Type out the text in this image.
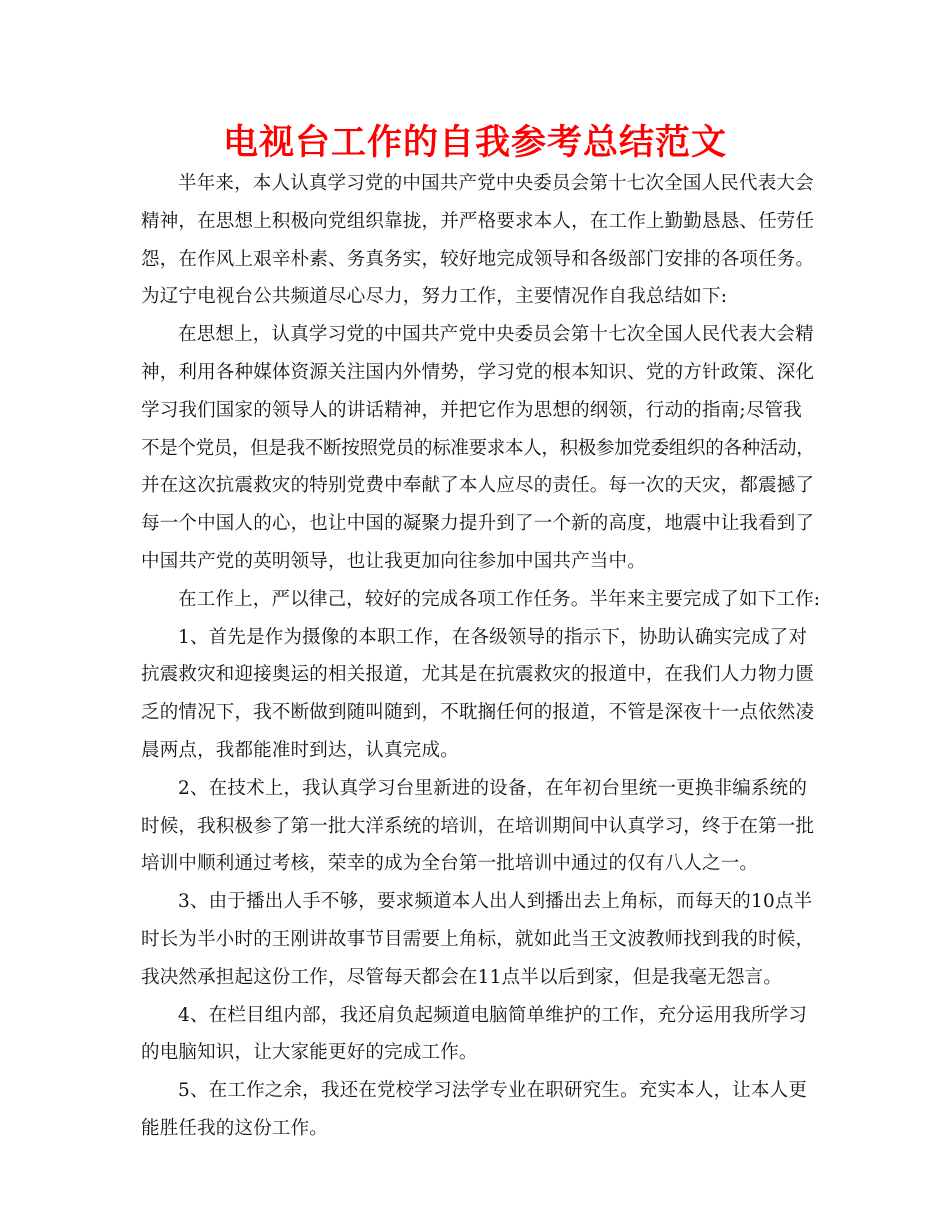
电视台工作的自我参考总结范文
半年来，本人认真学习党的中国共产党中央委员会第十七次全国人民代表大会
精神，在思想上积极向党组织靠拢，并严格要求本人，在工作上勤勤恳恳、任劳任
怨，在作风上艰辛朴素、务真务实，较好地完成领导和各级部门安排的各项任务。
为辽宁电视台公共频道尽心尽力，努力工作，主要情况作自我总结如下:
在思想上，认真学习党的中国共产党中央委员会第十七次全国人民代表大会精
神，利用各种媒体资源关注国内外情势，学习党的根本知识、党的方针政策、深化
学习我们国家的领导人的讲话精神，并把它作为思想的纲领，行动的指南;尽管我
不是个党员，但是我不断按照党员的标准要求本人，积极参加党委组织的各种活动，
并在这次抗震救灾的特别党费中奉献了本人应尽的责任。每一次的天灾，都震撼了
每一个中国人的心，也让中国的凝聚力提升到了一个新的高度，地震中让我看到了
中国共产党的英明领导，也让我更加向往参加中国共产当中。
在工作上，严以律己，较好的完成各项工作任务。半年来主要完成了如下工作:
1、首先是作为摄像的本职工作，在各级领导的指示下，协助认确实完成了对
抗震救灾和迎接奥运的相关报道，尤其是在抗震救灾的报道中，在我们人力物力匮
乏的情况下，我不断做到随叫随到，不耽搁任何的报道，不管是深夜十一点依然凌
晨两点，我都能准时到达，认真完成。
2、在技术上，我认真学习台里新进的设备，在年初台里统一更换非编系统的
时候，我积极参了第一批大洋系统的培训，在培训期间中认真学习，终于在第一批
培训中顺利通过考核，荣幸的成为全台第一批培训中通过的仅有八人之一。
3、由于播出人手不够，要求频道本人出人到播出去上角标，而每天的10点半
时长为半小时的王刚讲故事节目需要上角标，就如此当王文波教师找到我的时候，
我决然承担起这份工作，尽管每天都会在11点半以后到家，但是我毫无怨言。
4、在栏目组内部，我还肩负起频道电脑简单维护的工作，充分运用我所学习
的电脑知识，让大家能更好的完成工作。
5、在工作之余，我还在党校学习法学专业在职研究生。充实本人，让本人更
能胜任我的这份工作。
